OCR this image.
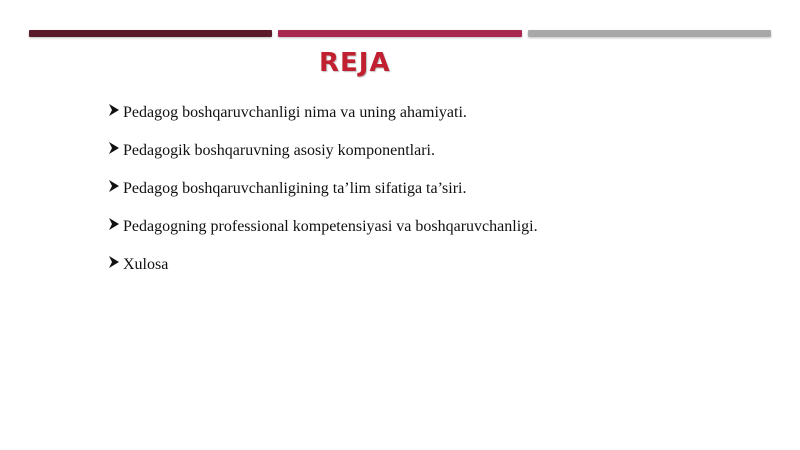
REJA
Pedagog boshqaruvchanligi nima va uning ahamiyati.
Pedagogik boshqaruvning asosiy komponentlari.
Pedagog boshqaruvchanligining ta’lim sifatiga ta’siri.
Pedagogning professional kompetensiyasi va boshqaruvchanligi.
Xulosa
